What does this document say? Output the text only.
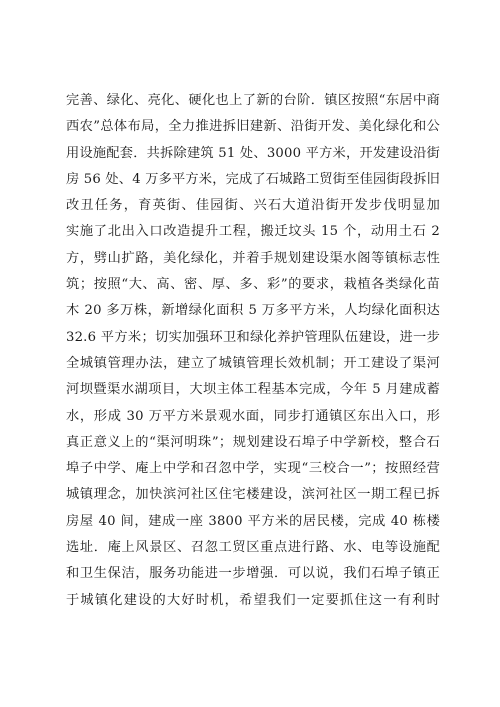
完善、绿化、亮化、硬化也上了新的台阶．镇区按照“东居中商
西农”总体布局，全力推进拆旧建新、沿街开发、美化绿化和公
用设施配套．共拆除建筑 51 处、3000 平方米，开发建设沿街
房 56 处、4 万多平方米，完成了石城路工贸街至佳园街段拆旧
改丑任务，育英街、佳园街、兴石大道沿街开发步伐明显加
实施了北出入口改造提升工程，搬迁坟头 15 个，动用土石 2
方，劈山扩路，美化绿化，并着手规划建设渠水阁等镇标志性
筑；按照“大、高、密、厚、多、彩”的要求，栽植各类绿化苗
木 20 多万株，新增绿化面积 5 万多平方米，人均绿化面积达
32.6 平方米；切实加强环卫和绿化养护管理队伍建设，进一步
全城镇管理办法，建立了城镇管理长效机制；开工建设了渠河
河坝暨渠水湖项目，大坝主体工程基本完成，今年 5 月建成蓄
水，形成 30 万平方米景观水面，同步打通镇区东出入口，形
真正意义上的“渠河明珠”；规划建设石埠子中学新校，整合石
埠子中学、庵上中学和召忽中学，实现“三校合一”；按照经营
城镇理念，加快滨河社区住宅楼建设，滨河社区一期工程已拆
房屋 40 间，建成一座 3800 平方米的居民楼，完成 40 栋楼
选址．庵上风景区、召忽工贸区重点进行路、水、电等设施配
和卫生保洁，服务功能进一步增强．可以说，我们石埠子镇正
于城镇化建设的大好时机，希望我们一定要抓住这一有利时
